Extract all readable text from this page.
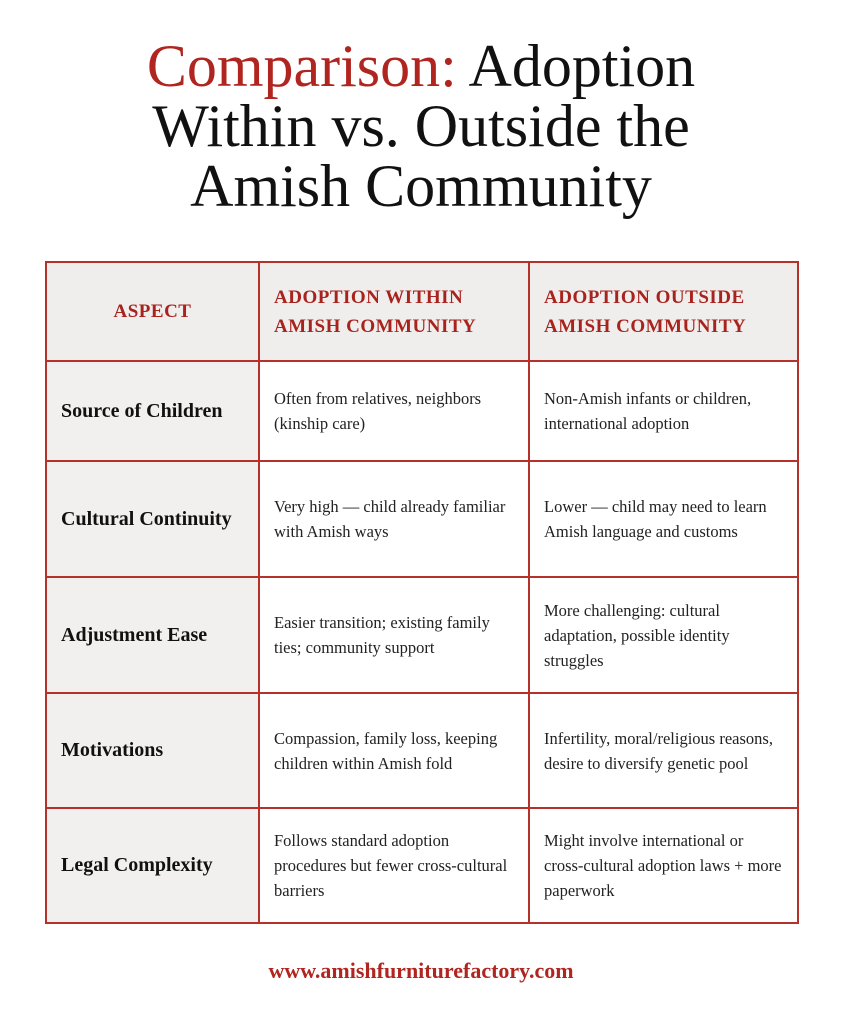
Comparison: Adoption
Within vs. Outside the
Amish Community
ASPECT	ADOPTION WITHIN AMISH COMMUNITY	ADOPTION OUTSIDE AMISH COMMUNITY
Source of Children	Often from relatives, neighbors (kinship care)	Non-Amish infants or children, international adoption
Cultural Continuity	Very high — child already familiar with Amish ways	Lower — child may need to learn Amish language and customs
Adjustment Ease	Easier transition; existing family ties; community support	More challenging: cultural adaptation, possible identity struggles
Motivations	Compassion, family loss, keeping children within Amish fold	Infertility, moral/religious reasons, desire to diversify genetic pool
Legal Complexity	Follows standard adoption procedures but fewer cross-cultural barriers	Might involve international or cross-cultural adoption laws + more paperwork
www.amishfurniturefactory.com
